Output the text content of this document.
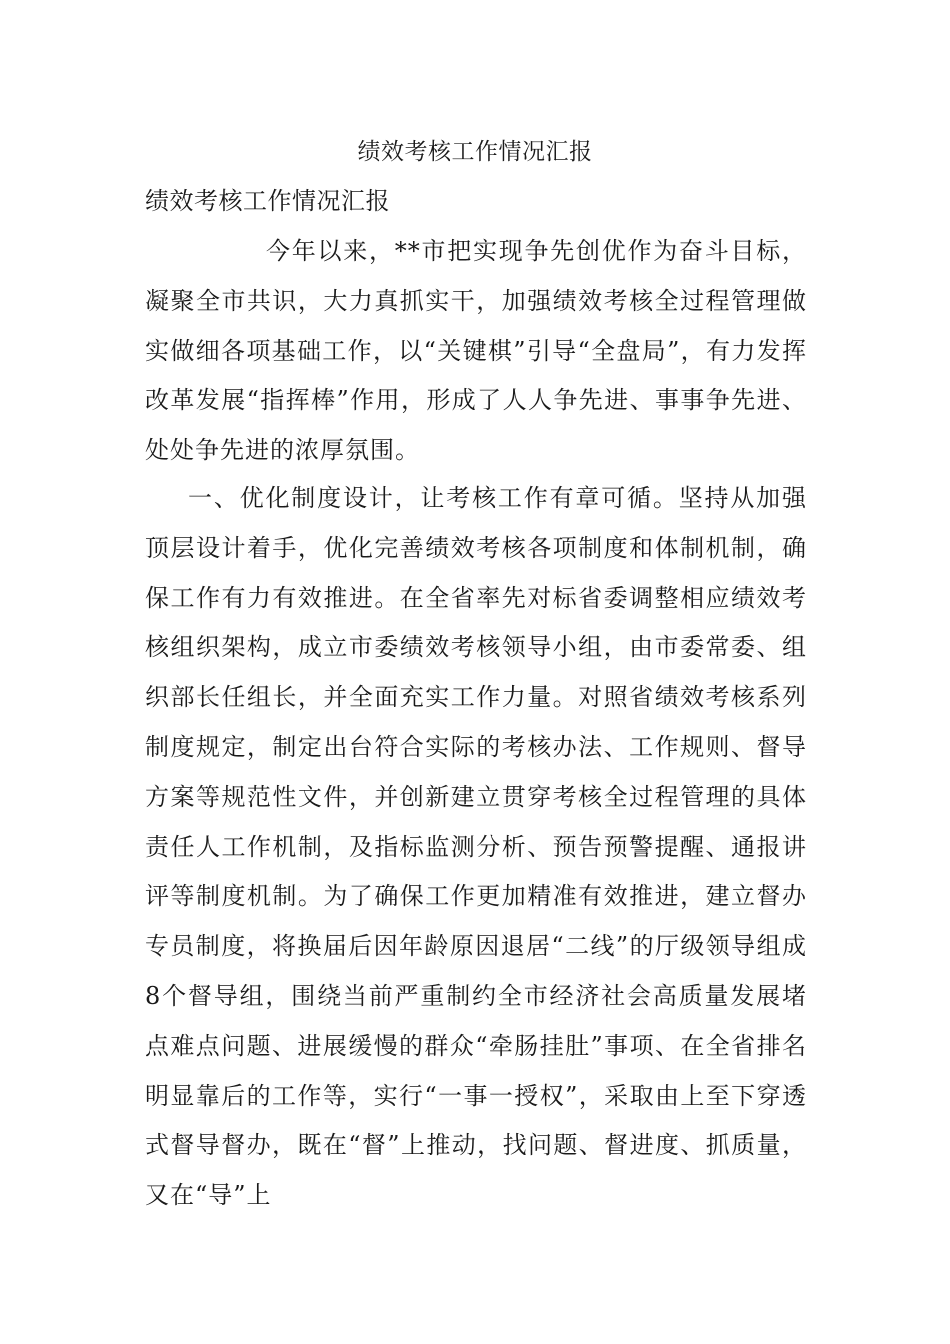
绩效考核工作情况汇报
绩效考核工作情况汇报

今年以来，**市把实现争先创优作为奋斗目标，凝聚全市共识，大力真抓实干，加强绩效考核全过程管理做实做细各项基础工作，以“关键棋”引导“全盘局”，有力发挥改革发展“指挥棒”作用，形成了人人争先进、事事争先进、处处争先进的浓厚氛围。

一、优化制度设计，让考核工作有章可循。坚持从加强顶层设计着手，优化完善绩效考核各项制度和体制机制，确保工作有力有效推进。在全省率先对标省委调整相应绩效考核组织架构，成立市委绩效考核领导小组，由市委常委、组织部长任组长，并全面充实工作力量。对照省绩效考核系列制度规定，制定出台符合实际的考核办法、工作规则、督导方案等规范性文件，并创新建立贯穿考核全过程管理的具体责任人工作机制，及指标监测分析、预告预警提醒、通报讲评等制度机制。为了确保工作更加精准有效推进，建立督办专员制度，将换届后因年龄原因退居“二线”的厅级领导组成8个督导组，围绕当前严重制约全市经济社会高质量发展堵点难点问题、进展缓慢的群众“牵肠挂肚”事项、在全省排名明显靠后的工作等，实行“一事一授权”，采取由上至下穿透式督导督办，既在“督”上推动，找问题、督进度、抓质量，又在“导”上
